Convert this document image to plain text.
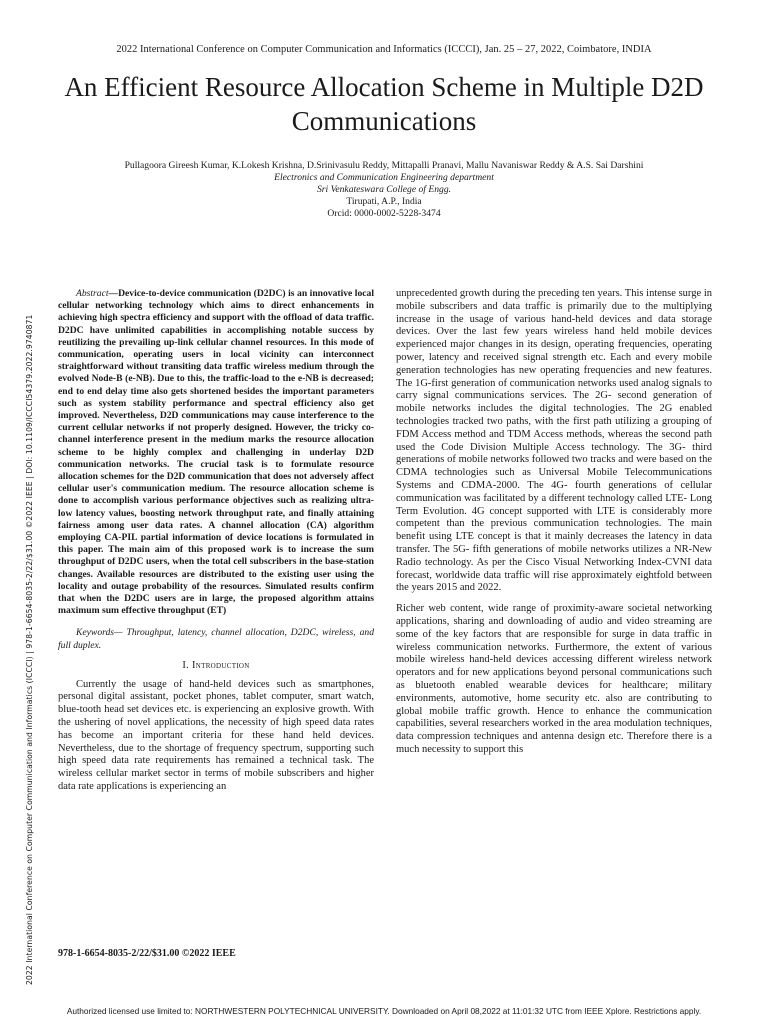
2022 International Conference on Computer Communication and Informatics (ICCCI), Jan. 25 – 27, 2022, Coimbatore, INDIA
An Efficient Resource Allocation Scheme in Multiple D2D Communications
Pullagoora Gireesh Kumar, K.Lokesh Krishna, D.Srinivasulu Reddy, Mittapalli Pranavi, Mallu Navaniswar Reddy & A.S. Sai Darshini
Electronics and Communication Engineering department
Sri Venkateswara College of Engg.
Tirupati, A.P., India
Orcid: 0000-0002-5228-3474
2022 International Conference on Computer Communication and Informatics (ICCCI) | 978-1-6654-8035-2/22/$31.00 ©2022 IEEE | DOI: 10.1109/ICCCI54379.2022.9740871

Abstract—Device-to-device communication (D2DC) is an innovative local cellular networking technology which aims to direct enhancements in achieving high spectra efficiency and support with the offload of data traffic. D2DC have unlimited capabilities in accomplishing notable success by reutilizing the prevailing up-link cellular channel resources. In this mode of communication, operating users in local vicinity can interconnect straightforward without transiting data traffic wireless medium through the evolved Node-B (e-NB). Due to this, the traffic-load to the e-NB is decreased; end to end delay time also gets shortened besides the important parameters such as system stability performance and spectral efficiency also get improved. Nevertheless, D2D communications may cause interference to the current cellular networks if not properly designed. However, the tricky co-channel interference present in the medium marks the resource allocation scheme to be highly complex and challenging in underlay D2D communication networks. The crucial task is to formulate resource allocation schemes for the D2D communication that does not adversely affect cellular user's communication medium. The resource allocation scheme is done to accomplish various performance objectives such as realizing ultra-low latency values, boosting network throughput rate, and finally attaining fairness among user data rates. A channel allocation (CA) algorithm employing CA-PIL partial information of device locations is formulated in this paper. The main aim of this proposed work is to increase the sum throughput of D2DC users, when the total cell subscribers in the base-station changes. Available resources are distributed to the existing user using the locality and outage probability of the resources. Simulated results confirm that when the D2DC users are in large, the proposed algorithm attains maximum sum effective throughput (ET)

Keywords— Throughput, latency, channel allocation, D2DC, wireless, and full duplex.

I. Introduction

Currently the usage of hand-held devices such as smartphones, personal digital assistant, pocket phones, tablet computer, smart watch, blue-tooth head set devices etc. is experiencing an explosive growth. With the ushering of novel applications, the necessity of high speed data rates has become an important criteria for these hand held devices. Nevertheless, due to the shortage of frequency spectrum, supporting such high speed data rate requirements has remained a technical task. The wireless cellular market sector in terms of mobile subscribers and higher data rate applications is experiencing an

unprecedented growth during the preceding ten years. This intense surge in mobile subscribers and data traffic is primarily due to the multiplying increase in the usage of various hand-held devices and data storage devices. Over the last few years wireless hand held mobile devices experienced major changes in its design, operating frequencies, operating power, latency and received signal strength etc. Each and every mobile generation technologies has new operating frequencies and new features. The 1G-first generation of communication networks used analog signals to carry signal communications services. The 2G- second generation of mobile networks includes the digital technologies. The 2G enabled technologies tracked two paths, with the first path utilizing a grouping of FDM Access method and TDM Access methods, whereas the second path used the Code Division Multiple Access technology. The 3G- third generations of mobile networks followed two tracks and were based on the CDMA technologies such as Universal Mobile Telecommunications Systems and CDMA-2000. The 4G- fourth generations of cellular communication was facilitated by a different technology called LTE- Long Term Evolution. 4G concept supported with LTE is considerably more competent than the previous communication technologies. The main benefit using LTE concept is that it mainly decreases the latency in data transfer. The 5G- fifth generations of mobile networks utilizes a NR-New Radio technology. As per the Cisco Visual Networking Index-CVNI data forecast, worldwide data traffic will rise approximately eightfold between the years 2015 and 2022.

Richer web content, wide range of proximity-aware societal networking applications, sharing and downloading of audio and video streaming are some of the key factors that are responsible for surge in data traffic in wireless communication networks. Furthermore, the extent of various mobile wireless hand-held devices accessing different wireless network operators and for new applications beyond personal communications such as bluetooth enabled wearable devices for healthcare; military environments, automotive, home security etc. also are contributing to global mobile traffic growth. Hence to enhance the communication capabilities, several researchers worked in the area modulation techniques, data compression techniques and antenna design etc. Therefore there is a much necessity to support this

978-1-6654-8035-2/22/$31.00 ©2022 IEEE
Authorized licensed use limited to: NORTHWESTERN POLYTECHNICAL UNIVERSITY. Downloaded on April 08,2022 at 11:01:32 UTC from IEEE Xplore. Restrictions apply.
